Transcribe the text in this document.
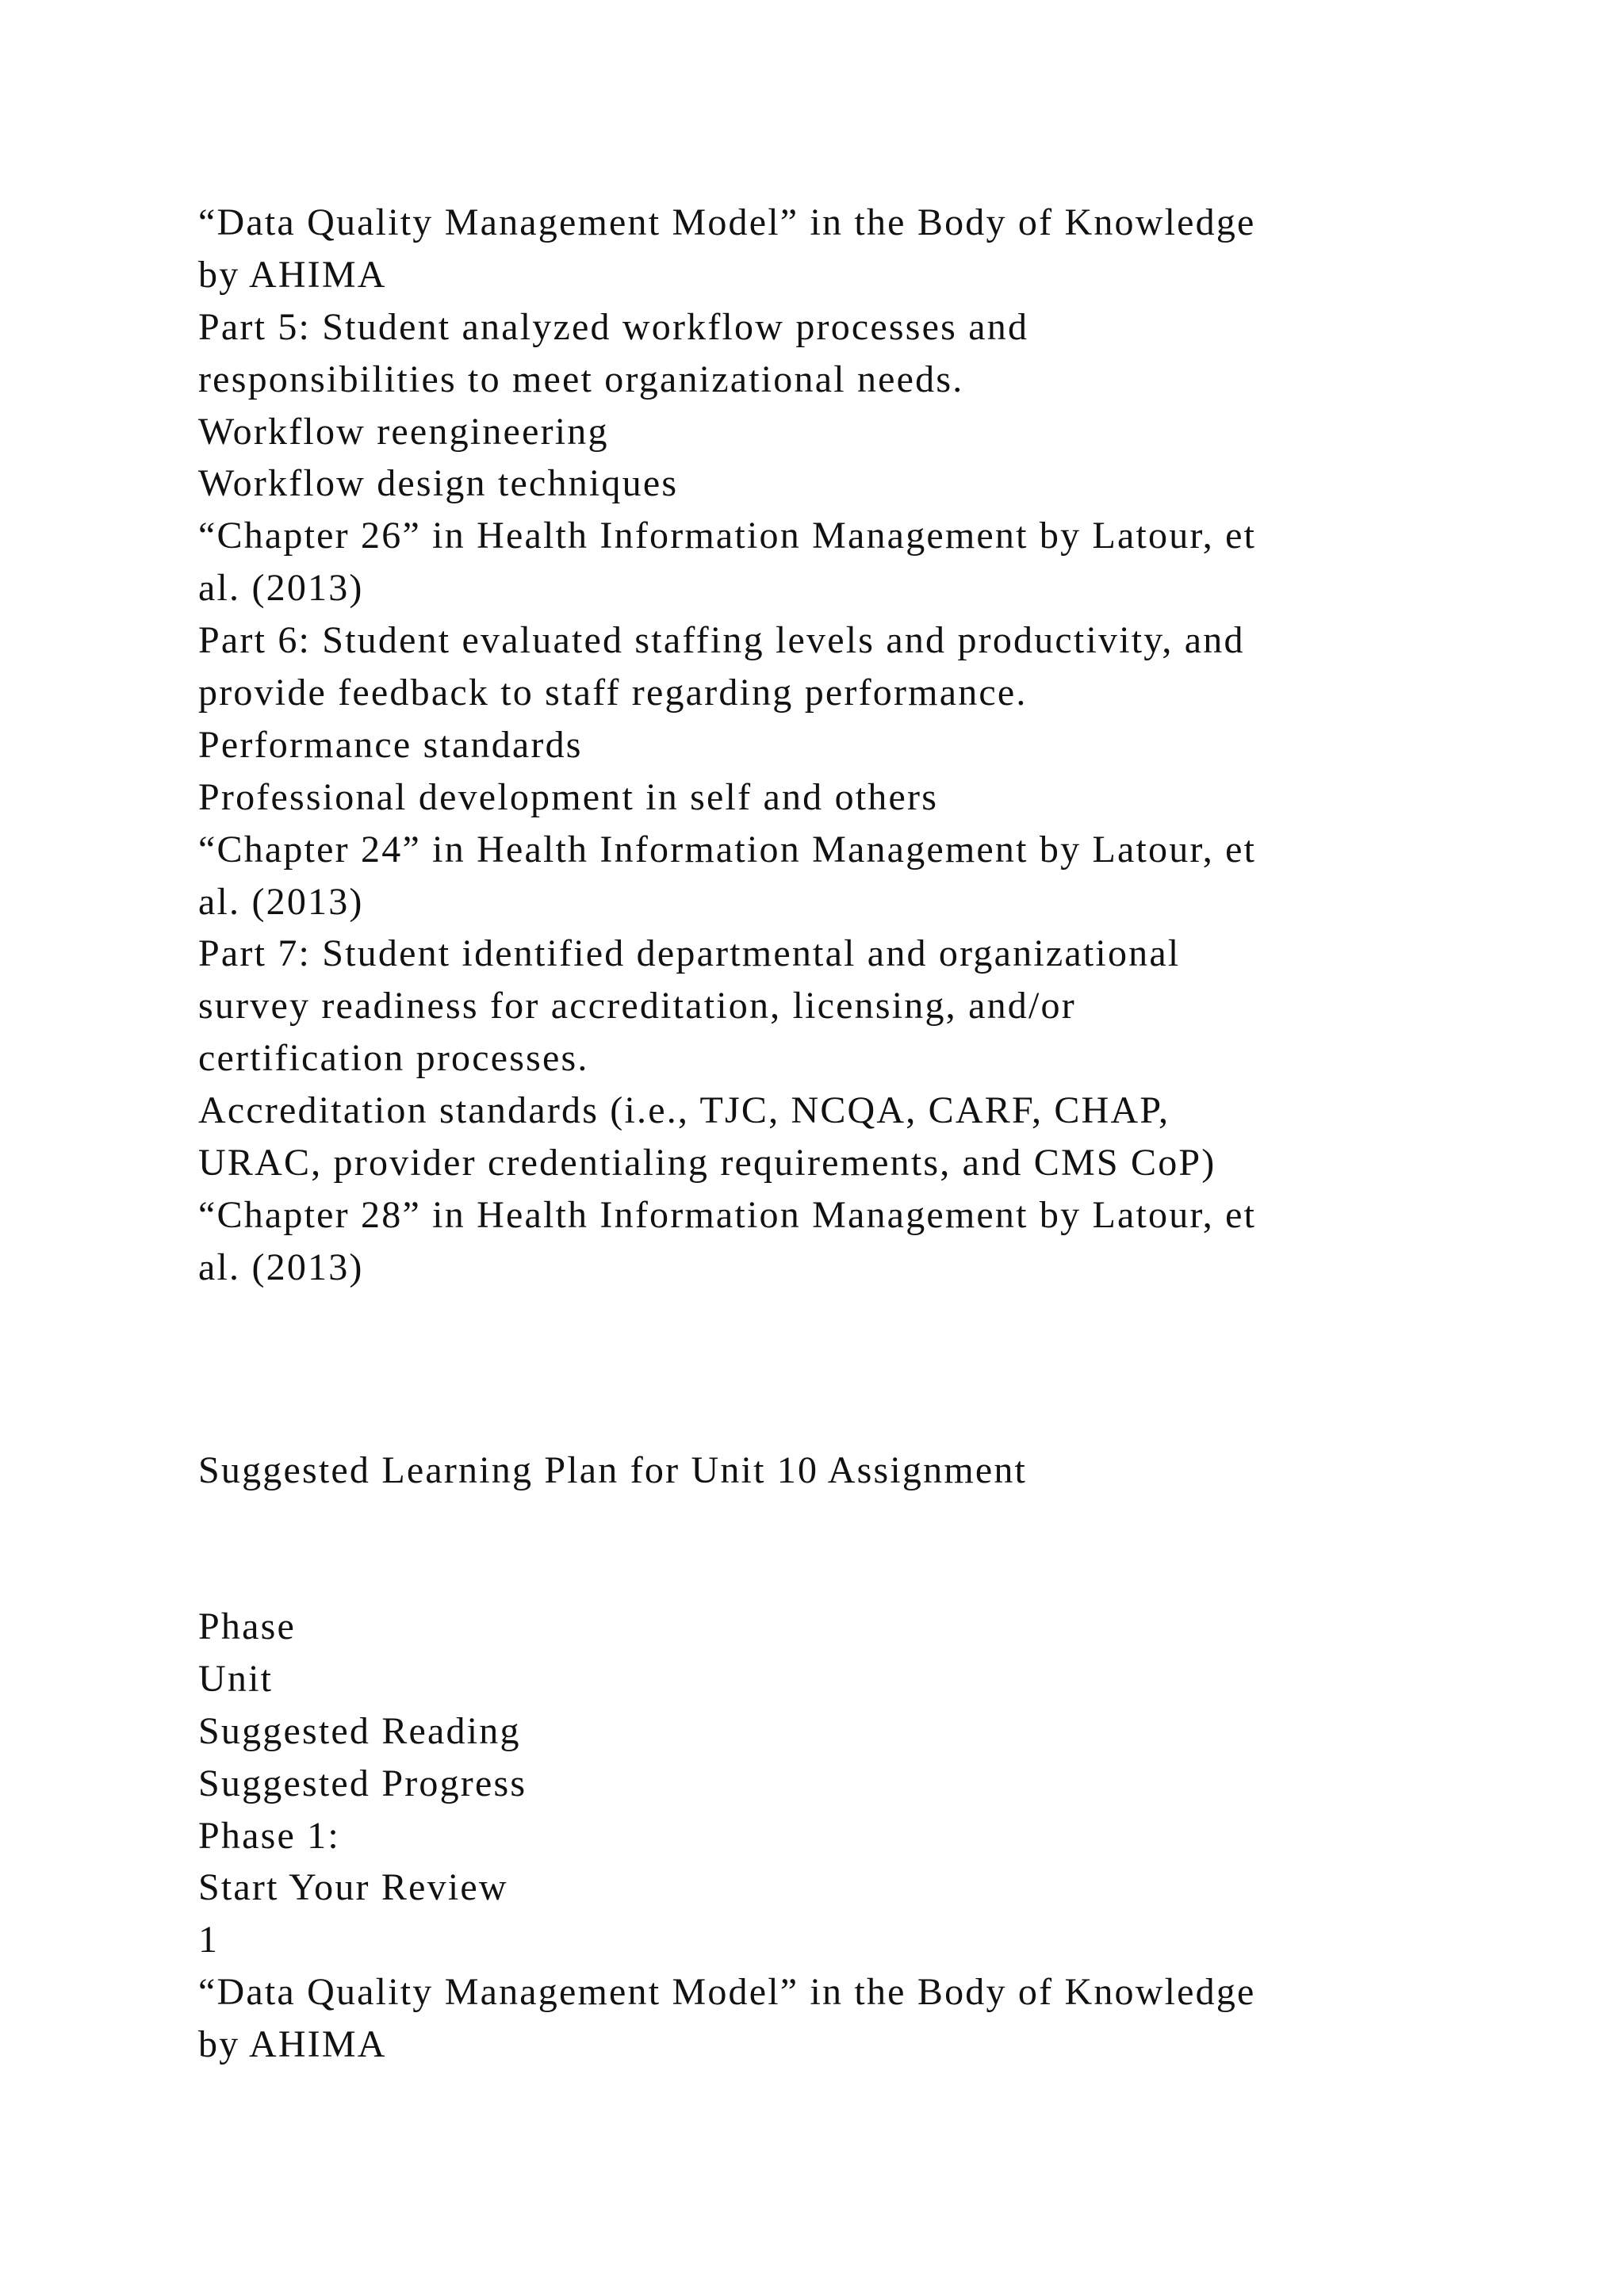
“Data Quality Management Model” in the Body of Knowledge
by AHIMA
Part 5: Student analyzed workflow processes and
responsibilities to meet organizational needs.
Workflow reengineering
Workflow design techniques
“Chapter 26” in Health Information Management by Latour, et
al. (2013)
Part 6: Student evaluated staffing levels and productivity, and
provide feedback to staff regarding performance.
Performance standards
Professional development in self and others
“Chapter 24” in Health Information Management by Latour, et
al. (2013)
Part 7: Student identified departmental and organizational
survey readiness for accreditation, licensing, and/or
certification processes.
Accreditation standards (i.e., TJC, NCQA, CARF, CHAP,
URAC, provider credentialing requirements, and CMS CoP)
“Chapter 28” in Health Information Management by Latour, et
al. (2013)
Suggested Learning Plan for Unit 10 Assignment
Phase
Unit
Suggested Reading
Suggested Progress
Phase 1:
Start Your Review
1
“Data Quality Management Model” in the Body of Knowledge
by AHIMA
